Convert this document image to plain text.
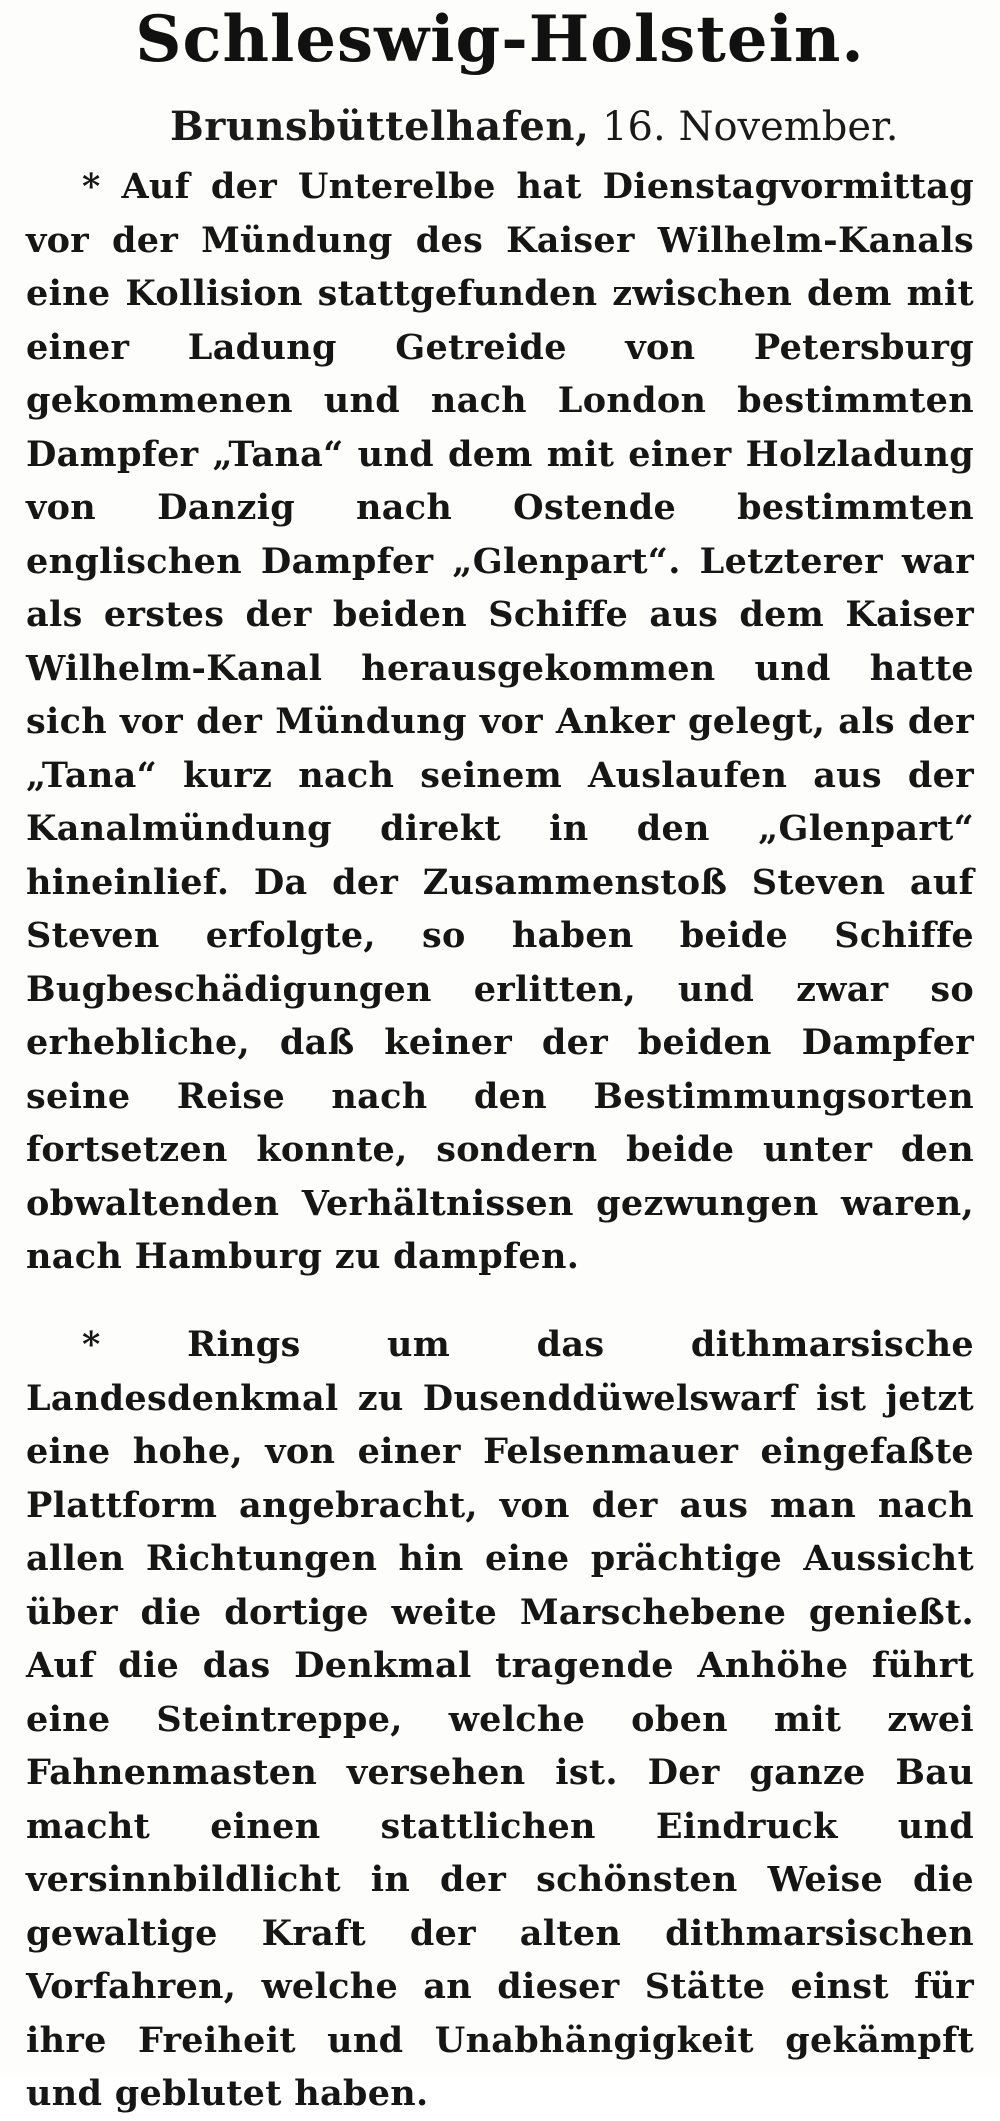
Schleswig-Holstein.
Brunsbüttelhafen, 16. November.

* Auf der Unterelbe hat Dienstagvormittag vor der Mündung des Kaiser Wilhelm-Kanals eine Kollision stattgefunden zwischen dem mit einer Ladung Getreide von Petersburg gekommenen und nach London bestimmten Dampfer „Tana“ und dem mit einer Holzladung von Danzig nach Ostende bestimmten englischen Dampfer „Glenpart“. Letzterer war als erstes der beiden Schiffe aus dem Kaiser Wilhelm-Kanal herausgekommen und hatte sich vor der Mündung vor Anker gelegt, als der „Tana“ kurz nach seinem Auslaufen aus der Kanalmündung direkt in den „Glenpart“ hineinlief. Da der Zusammenstoß Steven auf Steven erfolgte, so haben beide Schiffe Bugbeschädigungen erlitten, und zwar so erhebliche, daß keiner der beiden Dampfer seine Reise nach den Bestimmungsorten fortsetzen konnte, sondern beide unter den obwaltenden Verhältnissen gezwungen waren, nach Hamburg zu dampfen.

* Rings um das dithmarsische Landesdenkmal zu Dusenddüwelswarf ist jetzt eine hohe, von einer Felsenmauer eingefaßte Plattform angebracht, von der aus man nach allen Richtungen hin eine prächtige Aussicht über die dortige weite Marschebene genießt. Auf die das Denkmal tragende Anhöhe führt eine Steintreppe, welche oben mit zwei Fahnenmasten versehen ist. Der ganze Bau macht einen stattlichen Eindruck und versinnbildlicht in der schönsten Weise die gewaltige Kraft der alten dithmarsischen Vorfahren, welche an dieser Stätte einst für ihre Freiheit und Unabhängigkeit gekämpft und geblutet haben.
